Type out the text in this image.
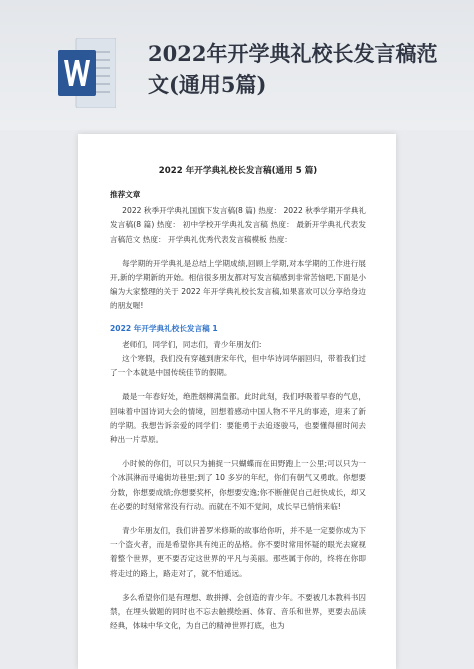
2022年开学典礼校长发言稿范文(通用5篇)
2022 年开学典礼校长发言稿(通用 5 篇)
推荐文章
2022 秋季开学典礼国旗下发言稿(8 篇) 热度： 2022 秋季学期开学典礼发言稿(8 篇) 热度： 初中学校开学典礼发言稿 热度： 最新开学典礼代表发言稿范文 热度： 开学典礼优秀代表发言稿模板 热度：
每学期的开学典礼是总结上学期成绩,回顾上学期,对本学期的工作进行展开,新的学期新的开始。相信很多朋友都对写发言稿感到非常苦恼吧,下面是小编为大家整理的关于 2022 年开学典礼校长发言稿,如果喜欢可以分享给身边的朋友喔!
2022 年开学典礼校长发言稿 1
老师们，同学们，同志们，青少年朋友们:
这个寒假，我们没有穿越到唐宋年代，但中华诗词华丽回归，带着我们过了一个本就是中国传统佳节的假期。
最是一年春好处，绝胜烟柳满皇都。此时此刻，我们呼吸着早春的气息，回味着中国诗词大会的情境，回想着感动中国人物不平凡的事迹，迎来了新的学期。我想告诉亲爱的同学们：要能勇于去追逐骏马，也要懂得留时间去种出一片草原。
小时候的你们，可以只为捕捉一只蝴蝶而在田野跑上一公里;可以只为一个冰淇淋而寻遍街坊巷里;到了 10 多岁的年纪，你们有朝气又勇敢。你想要分数，你想要成绩;你想要奖杯，你想要安逸;你不断催促自己赶快成长，却又在必要的时刻常常没有行动。而就在不知不觉间，成长早已悄悄来临!
青少年朋友们，我们讲普罗米修斯的故事给你听，并不是一定要你成为下一个盗火者，而是希望你具有纯正的品格。你不要时常用怀疑的眼光去窥视着整个世界，更不要否定这世界的平凡与美丽。那些属于你的，终将在你即将走过的路上，路走对了，就不怕遥远。
多么希望你们是有理想、敢拼搏、会创造的青少年。不要被几本教科书囚禁，在埋头做题的同时也不忘去触摸绘画、体育、音乐和世界，更要去品读经典，体味中华文化，为自己的精神世界打底，也为
